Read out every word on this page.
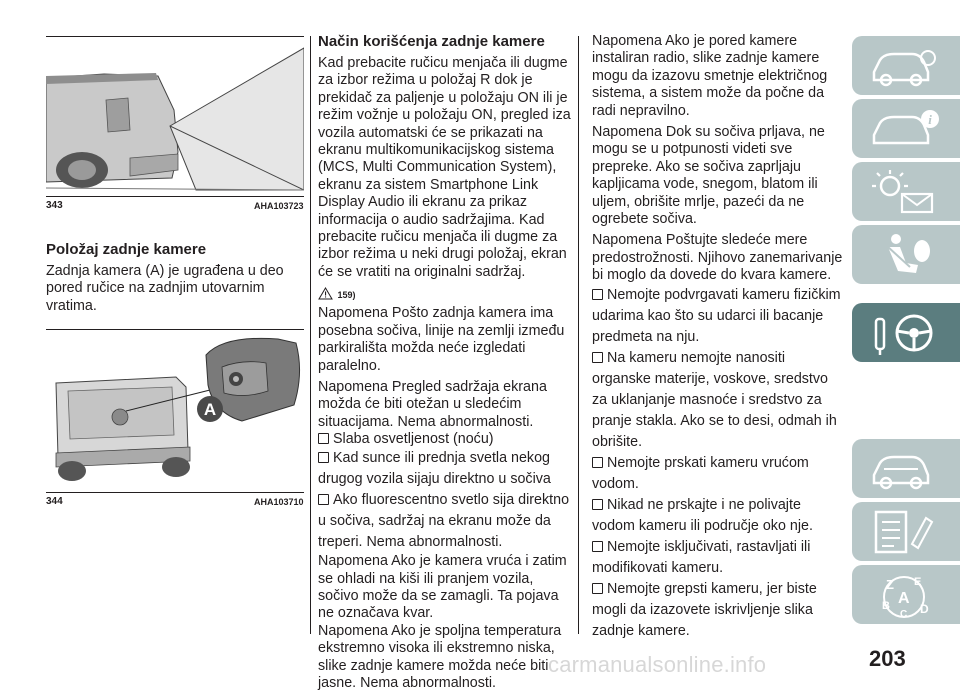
343	AHA103723
Položaj zadnje kamere

Zadnja kamera (A) je ugrađena u deo pored ručice na zadnjim utovarnim vratima.

A
344	AHA103710
Način korišćenja zadnje kamere

Kad prebacite ručicu menjača ili dugme za izbor režima u položaj R dok je prekidač za paljenje u položaju ON ili je režim vožnje u položaju ON, pregled iza vozila automatski će se prikazati na ekranu multikomunikacijskog sistema (MCS, Multi Communication System), ekranu za sistem Smartphone Link Display Audio ili ekranu za prikaz informacija o audio sadržajima. Kad prebacite ručicu menjača ili dugme za izbor režima u neki drugi položaj, ekran će se vratiti na originalni sadržaj.

159)

Napomena Pošto zadnja kamera ima posebna sočiva, linije na zemlji između parkirališta možda neće izgledati paralelno.

Napomena Pregled sadržaja ekrana možda će biti otežan u sledećim situacijama. Nema abnormalnosti.

Slaba osvetljenost (noću)

Kad sunce ili prednja svetla nekog drugog vozila sijaju direktno u sočiva

Ako fluorescentno svetlo sija direktno u sočiva, sadržaj na ekranu može da treperi. Nema abnormalnosti.

Napomena Ako je kamera vruća i zatim se ohladi na kiši ili pranjem vozila, sočivo može da se zamagli. Ta pojava ne označava kvar.

Napomena Ako je spoljna temperatura ekstremno visoka ili ekstremno niska, slike zadnje kamere možda neće biti jasne. Nema abnormalnosti.

Napomena Ako je pored kamere instaliran radio, slike zadnje kamere mogu da izazovu smetnje električnog sistema, a sistem može da počne da radi nepravilno.

Napomena Dok su sočiva prljava, ne mogu se u potpunosti videti sve prepreke. Ako se sočiva zaprljaju kapljicama vode, snegom, blatom ili uljem, obrišite mrlje, pazeći da ne ogrebete sočiva.

Napomena Poštujte sledeće mere predostrožnosti. Njihovo zanemarivanje bi moglo da dovede do kvara kamere.

Nemojte podvrgavati kameru fizičkim udarima kao što su udarci ili bacanje predmeta na nju.

Na kameru nemojte nanositi organske materije, voskove, sredstvo za uklanjanje masnoće i sredstvo za pranje stakla. Ako se to desi, odmah ih obrišite.

Nemojte prskati kameru vrućom vodom.

Nikad ne prskajte i ne polivajte vodom kameru ili područje oko nje.

Nemojte isključivati, rastavljati ili modifikovati kameru.

Nemojte grepsti kameru, jer biste mogli da izazovete iskrivljenje slika zadnje kamere.

i
Z E
A
B	D
C
carmanualsonline.info	203
